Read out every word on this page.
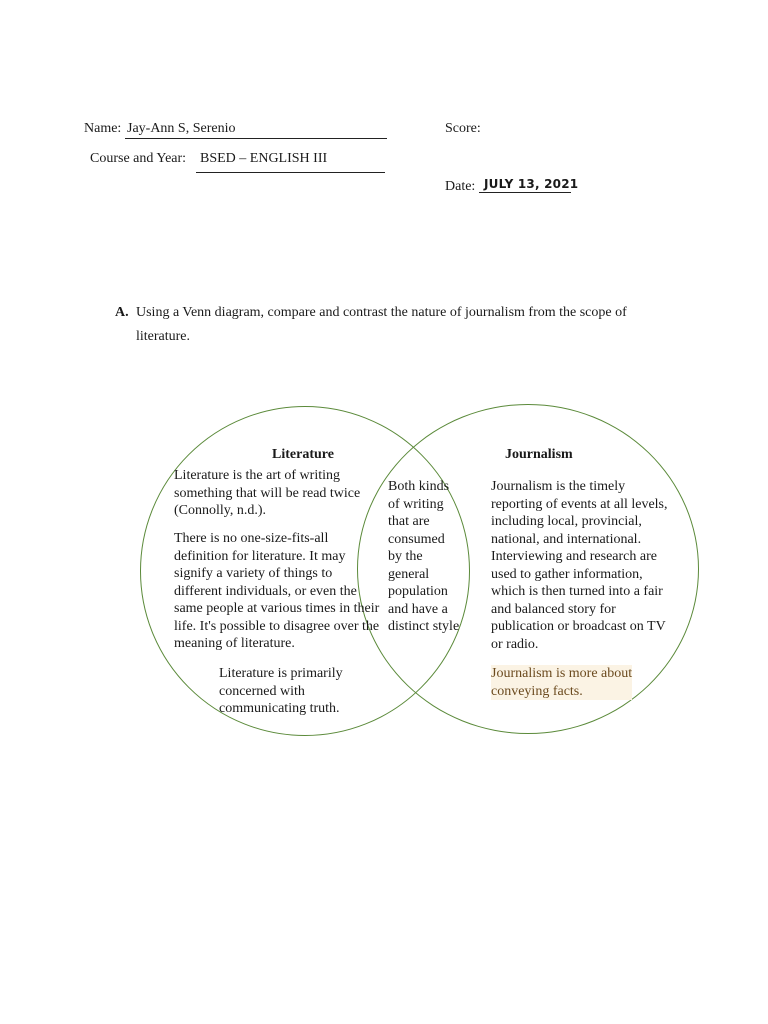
Name: Jay-Ann S, Serenio	Score:
Course and Year: BSED – ENGLISH III
Date: JULY 13, 2021
A. Using a Venn diagram, compare and contrast the nature of journalism from the scope of
literature.
Literature
Literature is the art of writing
something that will be read twice
(Connolly, n.d.).
There is no one-size-fits-all
definition for literature. It may
signify a variety of things to
different individuals, or even the
same people at various times in their
life. It's possible to disagree over the
meaning of literature.
Literature is primarily
concerned with
communicating truth.
Both kinds
of writing
that are
consumed
by the
general
population
and have a
distinct style
Journalism
Journalism is the timely
reporting of events at all levels,
including local, provincial,
national, and international.
Interviewing and research are
used to gather information,
which is then turned into a fair
and balanced story for
publication or broadcast on TV
or radio.
Journalism is more about
conveying facts.
